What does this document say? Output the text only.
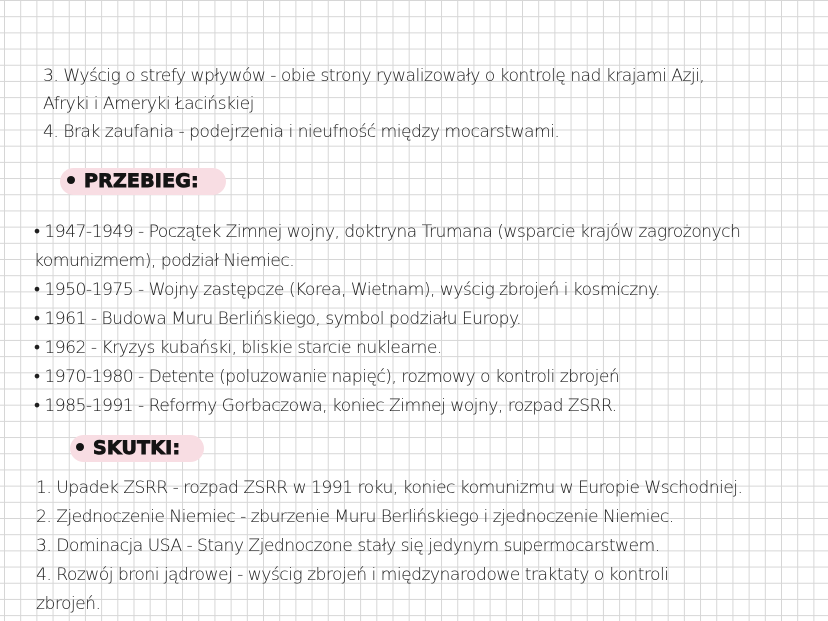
3. Wyścig o strefy wpływów - obie strony rywalizowały o kontrolę nad krajami Azji,
Afryki i Ameryki Łacińskiej
4. Brak zaufania - podejrzenia i nieufność między mocarstwami.
PRZEBIEG:
• 1947-1949 - Początek Zimnej wojny, doktryna Trumana (wsparcie krajów zagrożonych
komunizmem), podział Niemiec.
• 1950-1975 - Wojny zastępcze (Korea, Wietnam), wyścig zbrojeń i kosmiczny.
• 1961 - Budowa Muru Berlińskiego, symbol podziału Europy.
• 1962 - Kryzys kubański, bliskie starcie nuklearne.
• 1970-1980 - Detente (poluzowanie napięć), rozmowy o kontroli zbrojeń
• 1985-1991 - Reformy Gorbaczowa, koniec Zimnej wojny, rozpad ZSRR.
SKUTKI:
1. Upadek ZSRR - rozpad ZSRR w 1991 roku, koniec komunizmu w Europie Wschodniej.
2. Zjednoczenie Niemiec - zburzenie Muru Berlińskiego i zjednoczenie Niemiec.
3. Dominacja USA - Stany Zjednoczone stały się jedynym supermocarstwem.
4. Rozwój broni jądrowej - wyścig zbrojeń i międzynarodowe traktaty o kontroli
zbrojeń.
